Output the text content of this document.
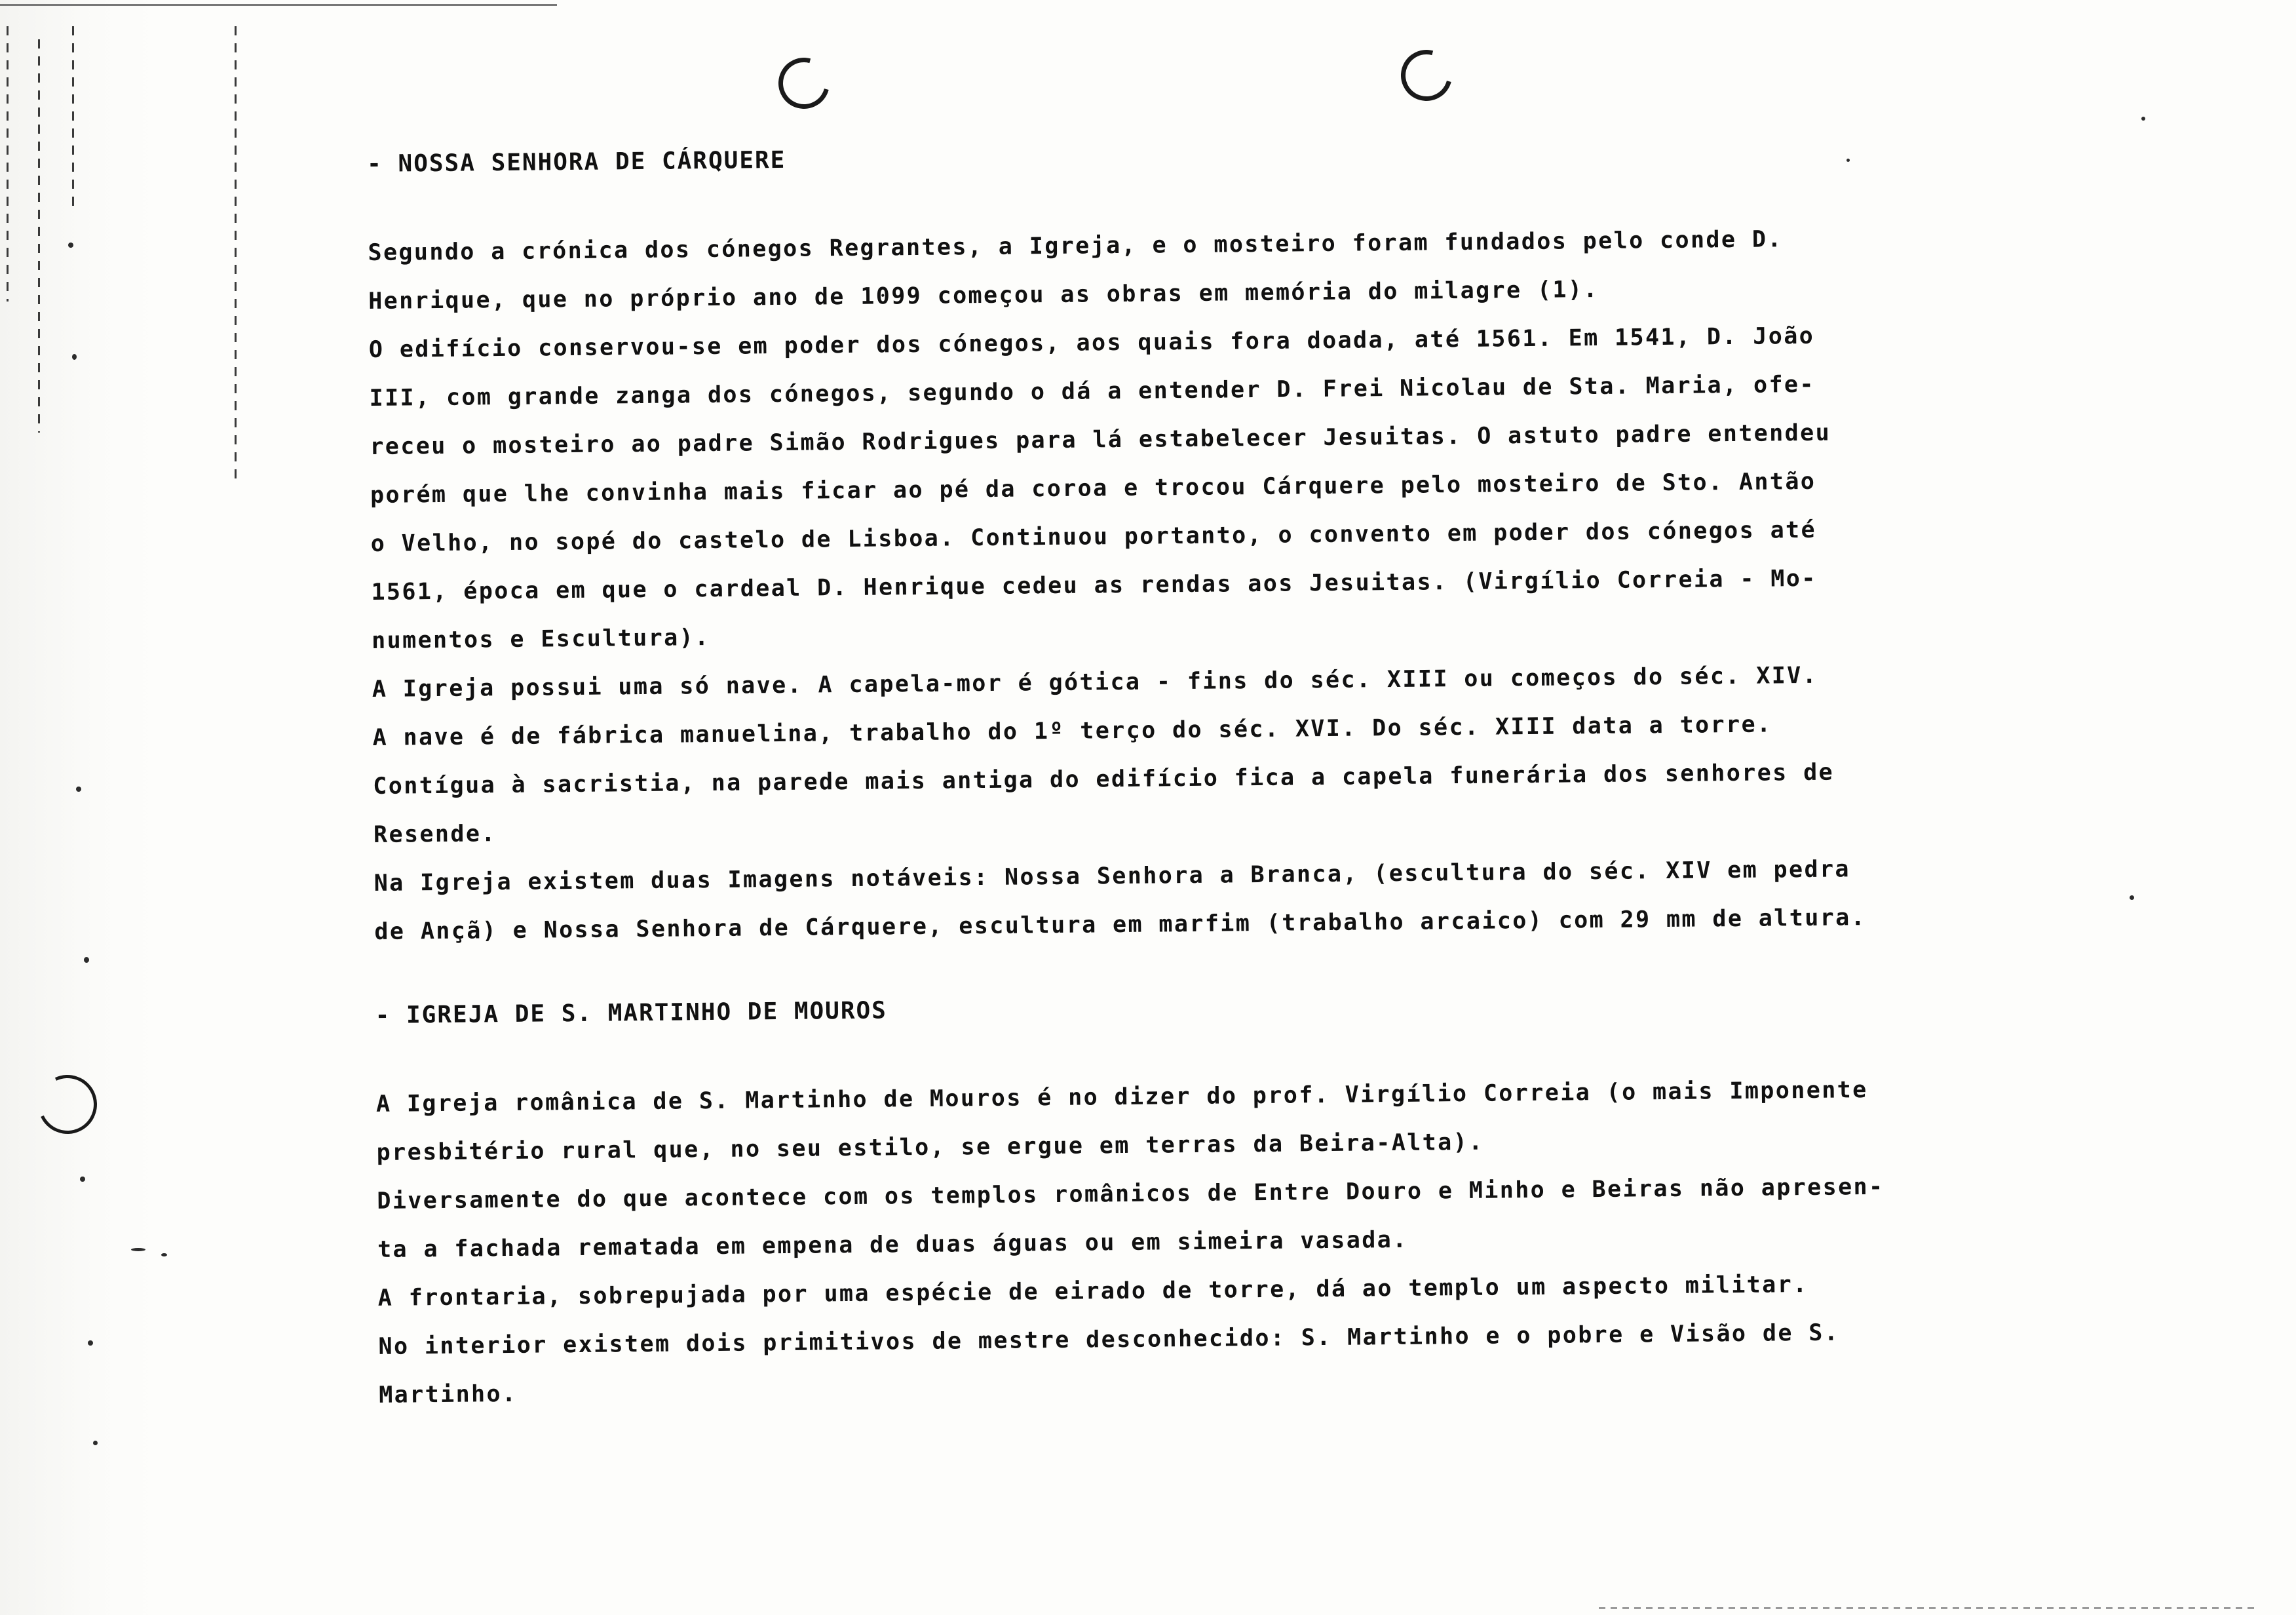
- NOSSA SENHORA DE CÁRQUERE

Segundo a crónica dos cónegos Regrantes, a Igreja, e o mosteiro foram fundados pelo conde D.

Henrique, que no próprio ano de 1099 começou as obras em memória do milagre (1).

O edifício conservou-se em poder dos cónegos, aos quais fora doada, até 1561. Em 1541, D. João

III, com grande zanga dos cónegos, segundo o dá a entender D. Frei Nicolau de Sta. Maria, ofe-

receu o mosteiro ao padre Simão Rodrigues para lá estabelecer Jesuitas. O astuto padre entendeu

porém que lhe convinha mais ficar ao pé da coroa e trocou Cárquere pelo mosteiro de Sto. Antão

o Velho, no sopé do castelo de Lisboa. Continuou portanto, o convento em poder dos cónegos até

1561, época em que o cardeal D. Henrique cedeu as rendas aos Jesuitas. (Virgílio Correia - Mo-

numentos e Escultura).

A Igreja possui uma só nave. A capela-mor é gótica - fins do séc. XIII ou começos do séc. XIV.

A nave é de fábrica manuelina, trabalho do 1º terço do séc. XVI. Do séc. XIII data a torre.

Contígua à sacristia, na parede mais antiga do edifício fica a capela funerária dos senhores de

Resende.

Na Igreja existem duas Imagens notáveis: Nossa Senhora a Branca, (escultura do séc. XIV em pedra

de Ançã) e Nossa Senhora de Cárquere, escultura em marfim (trabalho arcaico) com 29 mm de altura.

- IGREJA DE S. MARTINHO DE MOUROS

A Igreja românica de S. Martinho de Mouros é no dizer do prof. Virgílio Correia (o mais Imponente

presbitério rural que, no seu estilo, se ergue em terras da Beira-Alta).

Diversamente do que acontece com os templos românicos de Entre Douro e Minho e Beiras não apresen-

ta a fachada rematada em empena de duas águas ou em simeira vasada.

A frontaria, sobrepujada por uma espécie de eirado de torre, dá ao templo um aspecto militar.

No interior existem dois primitivos de mestre desconhecido: S. Martinho e o pobre e Visão de S.

Martinho.
